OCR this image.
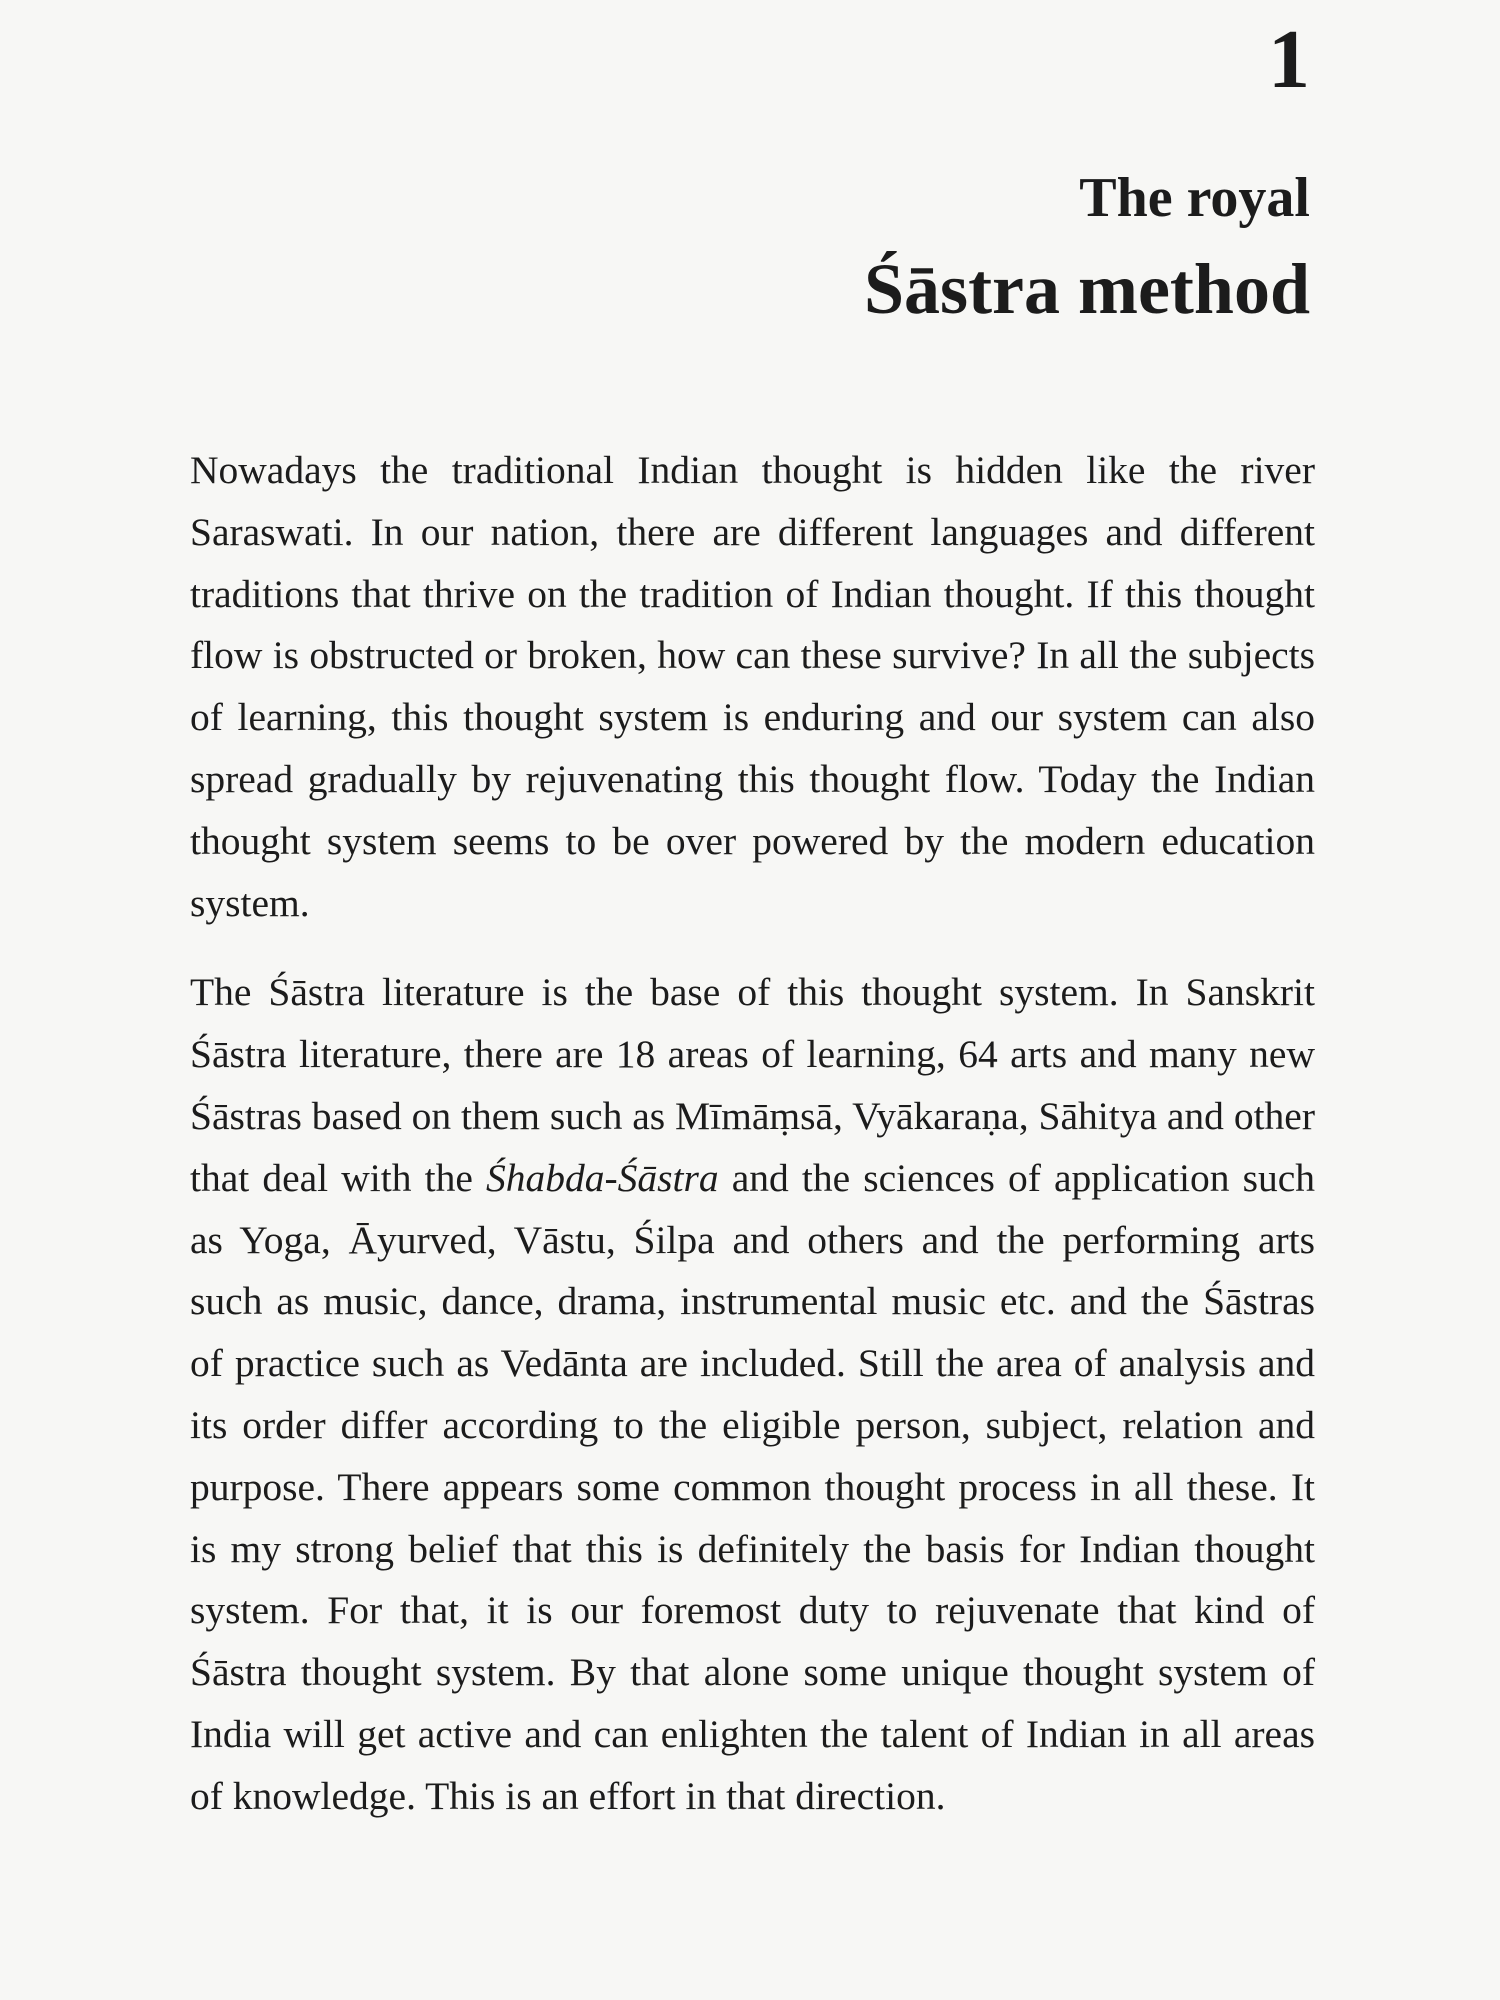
1
The royal
Śāstra method

Nowadays the traditional Indian thought is hidden like the river Saraswati. In our nation, there are different languages and different traditions that thrive on the tradition of Indian thought. If this thought flow is obstructed or broken, how can these survive? In all the subjects of learning, this thought system is enduring and our system can also spread gradually by rejuvenating this thought flow. Today the Indian thought system seems to be over powered by the modern education system.

The Śāstra literature is the base of this thought system. In Sanskrit Śāstra literature, there are 18 areas of learning, 64 arts and many new Śāstras based on them such as Mīmāṃsā, Vyākaraṇa, Sāhitya and other that deal with the Śhabda-Śāstra and the sciences of application such as Yoga, Āyurved, Vāstu, Śilpa and others and the performing arts such as music, dance, drama, instrumental music etc. and the Śāstras of practice such as Vedānta are included. Still the area of analysis and its order differ according to the eligible person, subject, relation and purpose. There appears some common thought process in all these. It is my strong belief that this is definitely the basis for Indian thought system. For that, it is our foremost duty to rejuvenate that kind of Śāstra thought system. By that alone some unique thought system of India will get active and can enlighten the talent of Indian in all areas of knowledge. This is an effort in that direction.
